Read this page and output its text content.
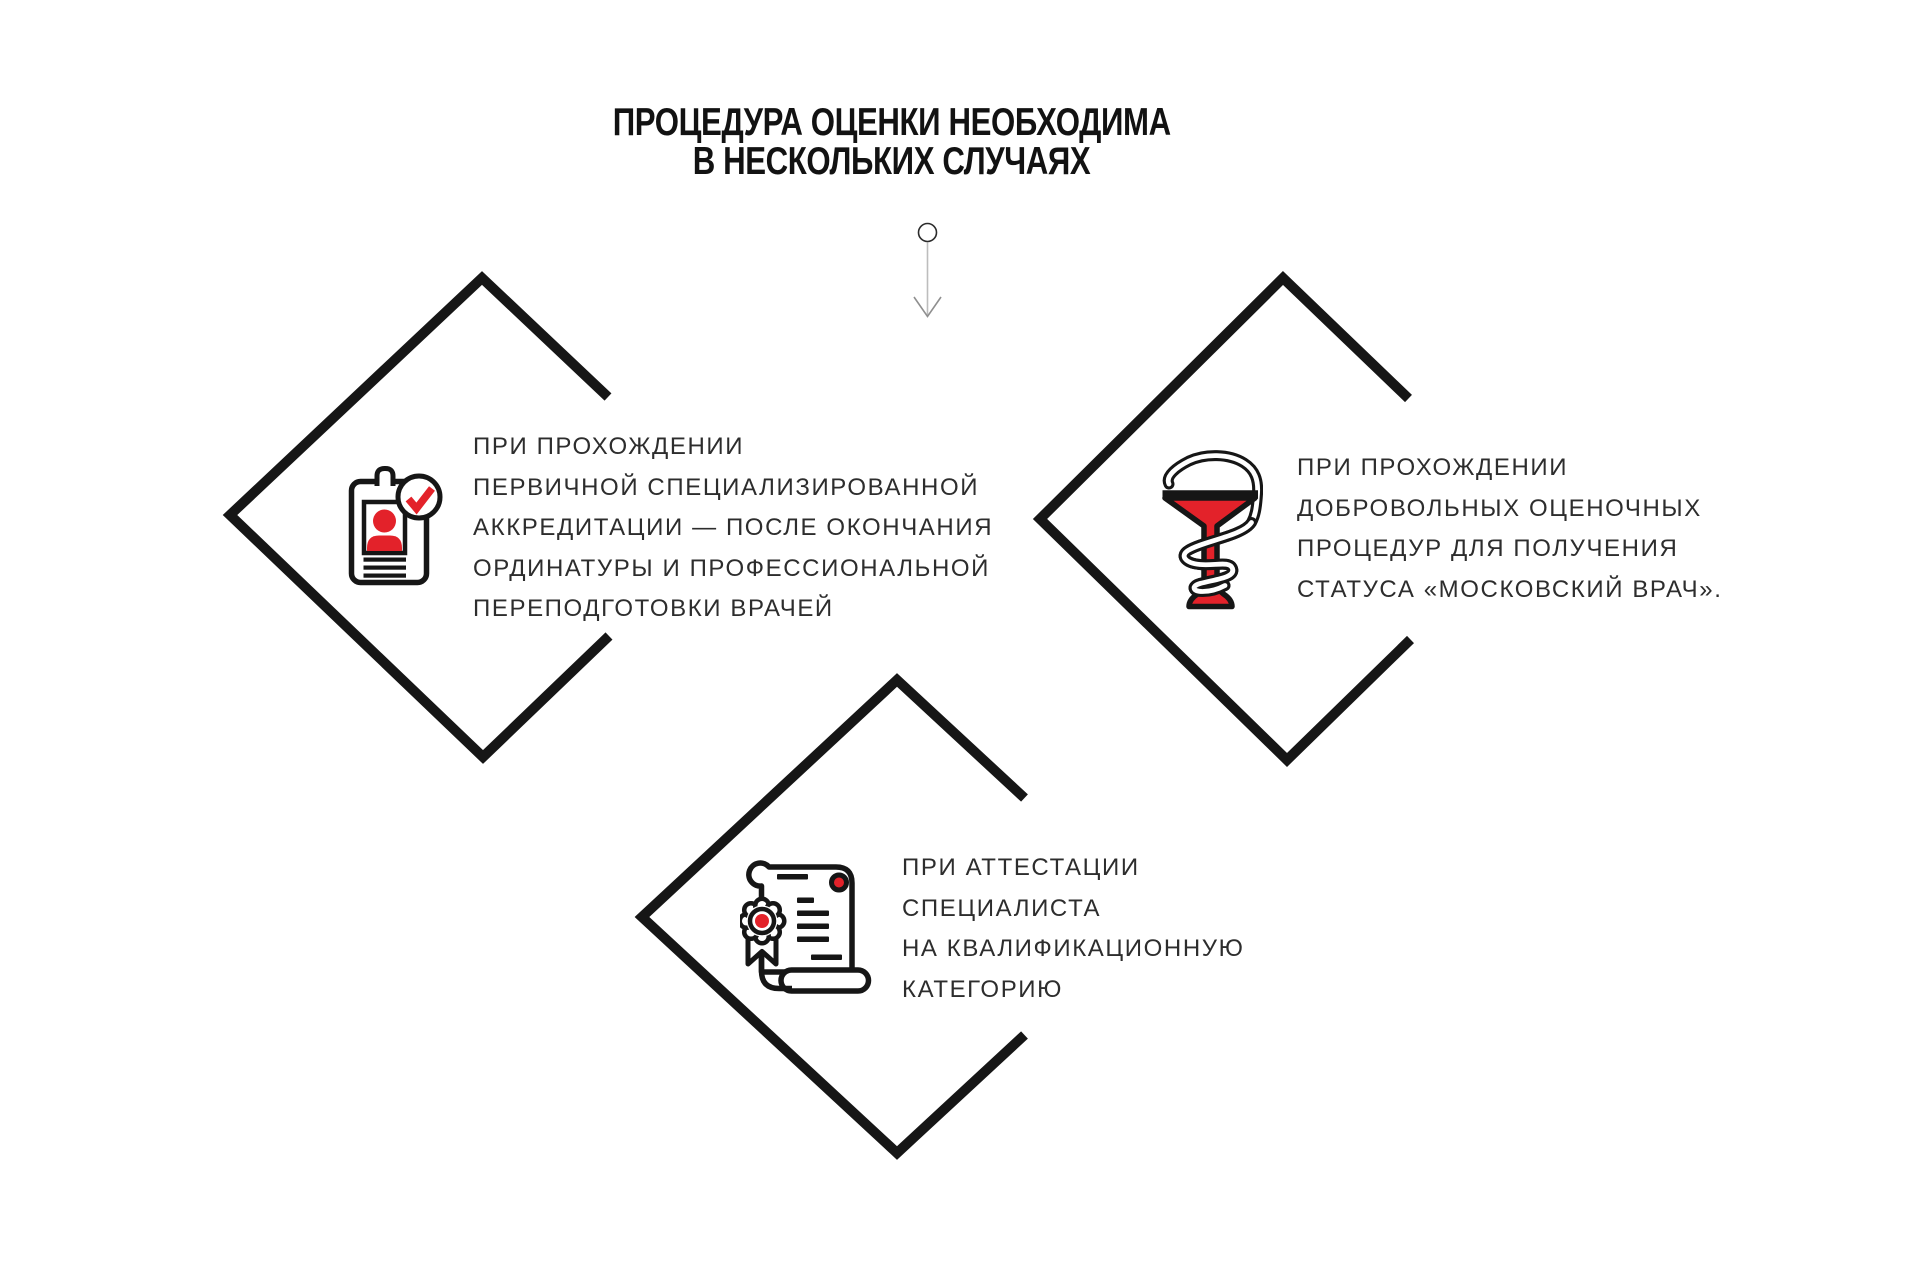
ПРОЦЕДУРА ОЦЕНКИ НЕОБХОДИМА
В НЕСКОЛЬКИХ СЛУЧАЯХ
ПРИ ПРОХОЖДЕНИИ
ПЕРВИЧНОЙ СПЕЦИАЛИЗИРОВАННОЙ
АККРЕДИТАЦИИ — ПОСЛЕ ОКОНЧАНИЯ
ОРДИНАТУРЫ И ПРОФЕССИОНАЛЬНОЙ
ПЕРЕПОДГОТОВКИ ВРАЧЕЙ
ПРИ ПРОХОЖДЕНИИ
ДОБРОВОЛЬНЫХ ОЦЕНОЧНЫХ
ПРОЦЕДУР ДЛЯ ПОЛУЧЕНИЯ
СТАТУСА «МОСКОВСКИЙ ВРАЧ».
ПРИ АТТЕСТАЦИИ
СПЕЦИАЛИСТА
НА КВАЛИФИКАЦИОННУЮ
КАТЕГОРИЮ
